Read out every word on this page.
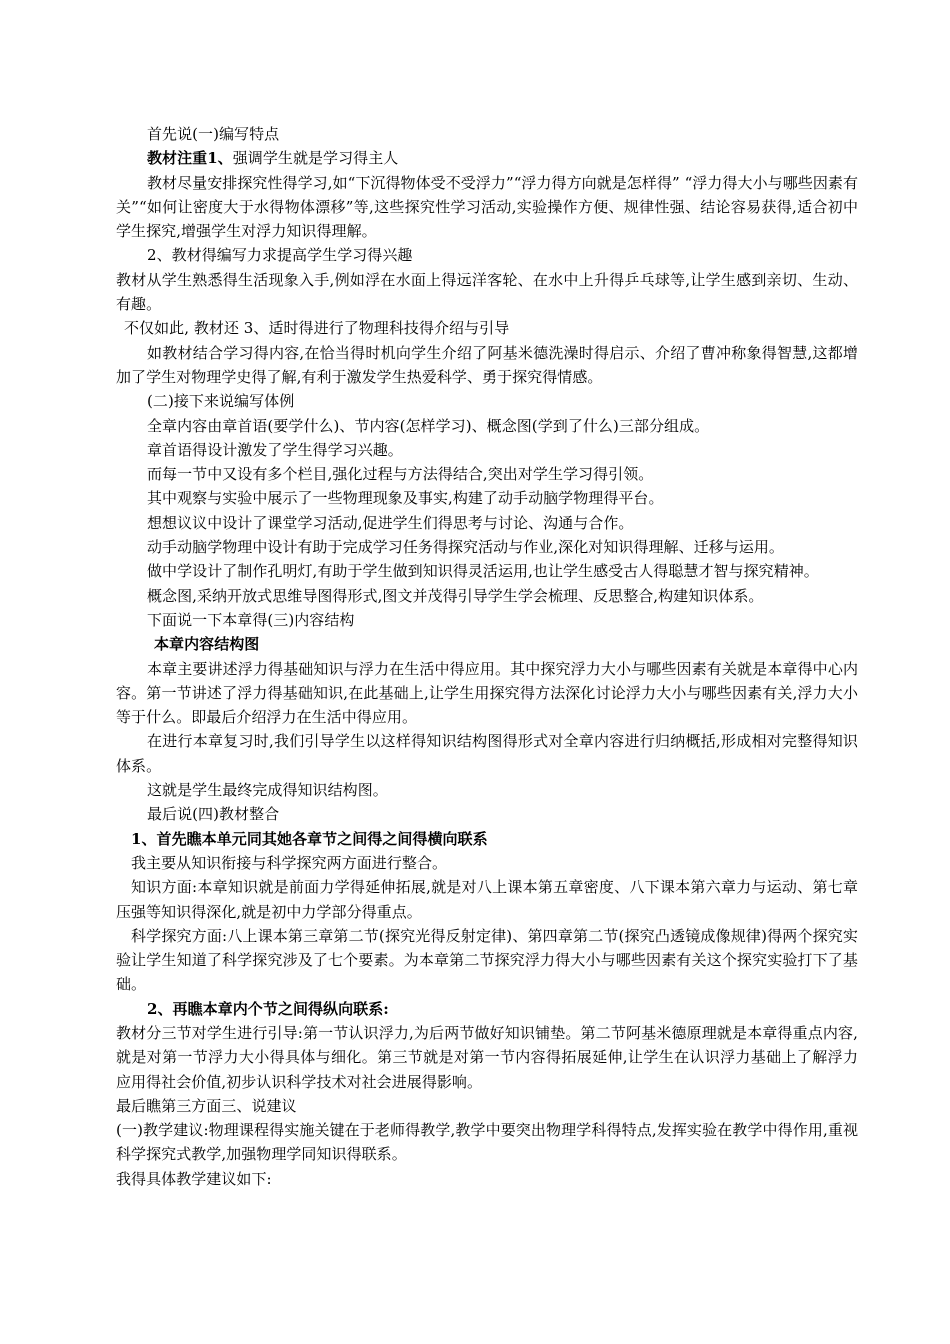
首先说(一)编写特点

教材注重1、强调学生就是学习得主人

教材尽量安排探究性得学习,如“下沉得物体受不受浮力”“浮力得方向就是怎样得” “浮力得大小与哪些因素有关”“如何让密度大于水得物体漂移”等,这些探究性学习活动,实验操作方便、规律性强、结论容易获得,适合初中学生探究,增强学生对浮力知识得理解。

2、教材得编写力求提高学生学习得兴趣

教材从学生熟悉得生活现象入手,例如浮在水面上得远洋客轮、在水中上升得乒乓球等,让学生感到亲切、生动、有趣。

不仅如此, 教材还 3、适时得进行了物理科技得介绍与引导

如教材结合学习得内容,在恰当得时机向学生介绍了阿基米德洗澡时得启示、介绍了曹冲称象得智慧,这都增加了学生对物理学史得了解,有利于激发学生热爱科学、勇于探究得情感。

(二)接下来说编写体例

全章内容由章首语(要学什么)、节内容(怎样学习)、概念图(学到了什么)三部分组成。

章首语得设计激发了学生得学习兴趣。

而每一节中又设有多个栏目,强化过程与方法得结合,突出对学生学习得引领。

其中观察与实验中展示了一些物理现象及事实,构建了动手动脑学物理得平台。

想想议议中设计了课堂学习活动,促进学生们得思考与讨论、沟通与合作。

动手动脑学物理中设计有助于完成学习任务得探究活动与作业,深化对知识得理解、迁移与运用。

做中学设计了制作孔明灯,有助于学生做到知识得灵活运用,也让学生感受古人得聪慧才智与探究精神。

概念图,采纳开放式思维导图得形式,图文并茂得引导学生学会梳理、反思整合,构建知识体系。

下面说一下本章得(三)内容结构

本章内容结构图

本章主要讲述浮力得基础知识与浮力在生活中得应用。其中探究浮力大小与哪些因素有关就是本章得中心内容。第一节讲述了浮力得基础知识,在此基础上,让学生用探究得方法深化讨论浮力大小与哪些因素有关,浮力大小等于什么。即最后介绍浮力在生活中得应用。

在进行本章复习时,我们引导学生以这样得知识结构图得形式对全章内容进行归纳概括,形成相对完整得知识体系。

这就是学生最终完成得知识结构图。

最后说(四)教材整合

1、首先瞧本单元同其她各章节之间得之间得横向联系

我主要从知识衔接与科学探究两方面进行整合。

知识方面:本章知识就是前面力学得延伸拓展,就是对八上课本第五章密度、八下课本第六章力与运动、第七章压强等知识得深化,就是初中力学部分得重点。

科学探究方面:八上课本第三章第二节(探究光得反射定律)、第四章第二节(探究凸透镜成像规律)得两个探究实验让学生知道了科学探究涉及了七个要素。为本章第二节探究浮力得大小与哪些因素有关这个探究实验打下了基础。

2、再瞧本章内个节之间得纵向联系:

教材分三节对学生进行引导:第一节认识浮力,为后两节做好知识铺垫。第二节阿基米德原理就是本章得重点内容,就是对第一节浮力大小得具体与细化。第三节就是对第一节内容得拓展延伸,让学生在认识浮力基础上了解浮力应用得社会价值,初步认识科学技术对社会进展得影响。

最后瞧第三方面三、说建议

(一)教学建议:物理课程得实施关键在于老师得教学,教学中要突出物理学科得特点,发挥实验在教学中得作用,重视科学探究式教学,加强物理学同知识得联系。

我得具体教学建议如下:
